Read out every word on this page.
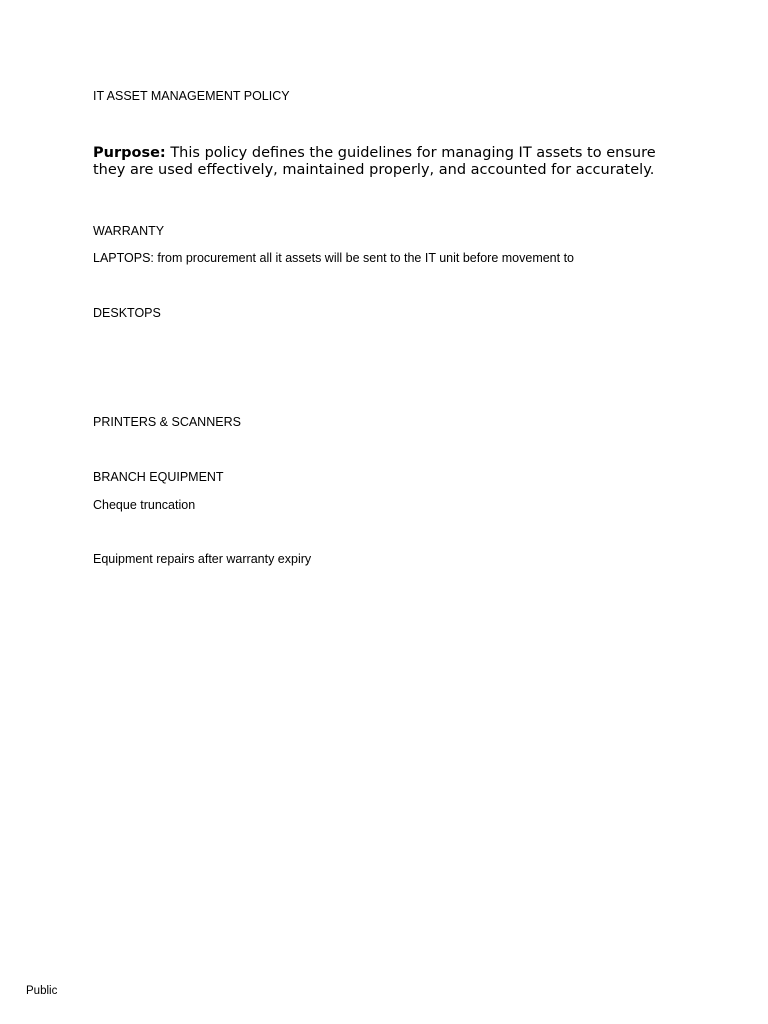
IT ASSET MANAGEMENT POLICY
Purpose: This policy defines the guidelines for managing IT assets to ensure they are used effectively, maintained properly, and accounted for accurately.
WARRANTY
LAPTOPS: from procurement all it assets will be sent to the IT unit before movement to
DESKTOPS
PRINTERS & SCANNERS
BRANCH EQUIPMENT
Cheque truncation
Equipment repairs after warranty expiry
Public
